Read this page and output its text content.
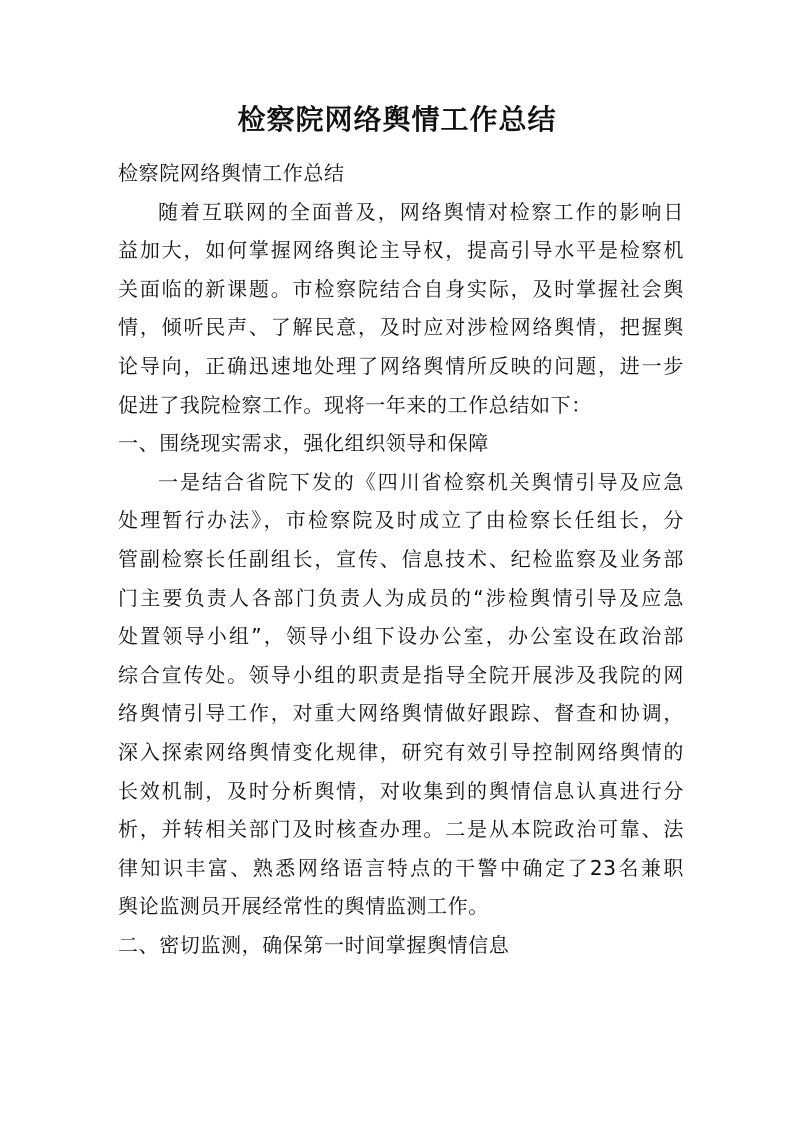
检察院网络舆情工作总结
检察院网络舆情工作总结
随着互联网的全面普及，网络舆情对检察工作的影响日
益加大，如何掌握网络舆论主导权，提高引导水平是检察机
关面临的新课题。市检察院结合自身实际，及时掌握社会舆
情，倾听民声、了解民意，及时应对涉检网络舆情，把握舆
论导向，正确迅速地处理了网络舆情所反映的问题，进一步
促进了我院检察工作。现将一年来的工作总结如下：
一、围绕现实需求，强化组织领导和保障
一是结合省院下发的《四川省检察机关舆情引导及应急
处理暂行办法》，市检察院及时成立了由检察长任组长，分
管副检察长任副组长，宣传、信息技术、纪检监察及业务部
门主要负责人各部门负责人为成员的“涉检舆情引导及应急
处置领导小组”，领导小组下设办公室，办公室设在政治部
综合宣传处。领导小组的职责是指导全院开展涉及我院的网
络舆情引导工作，对重大网络舆情做好跟踪、督查和协调，
深入探索网络舆情变化规律，研究有效引导控制网络舆情的
长效机制，及时分析舆情，对收集到的舆情信息认真进行分
析，并转相关部门及时核查办理。二是从本院政治可靠、法
律知识丰富、熟悉网络语言特点的干警中确定了23名兼职
舆论监测员开展经常性的舆情监测工作。
二、密切监测，确保第一时间掌握舆情信息
